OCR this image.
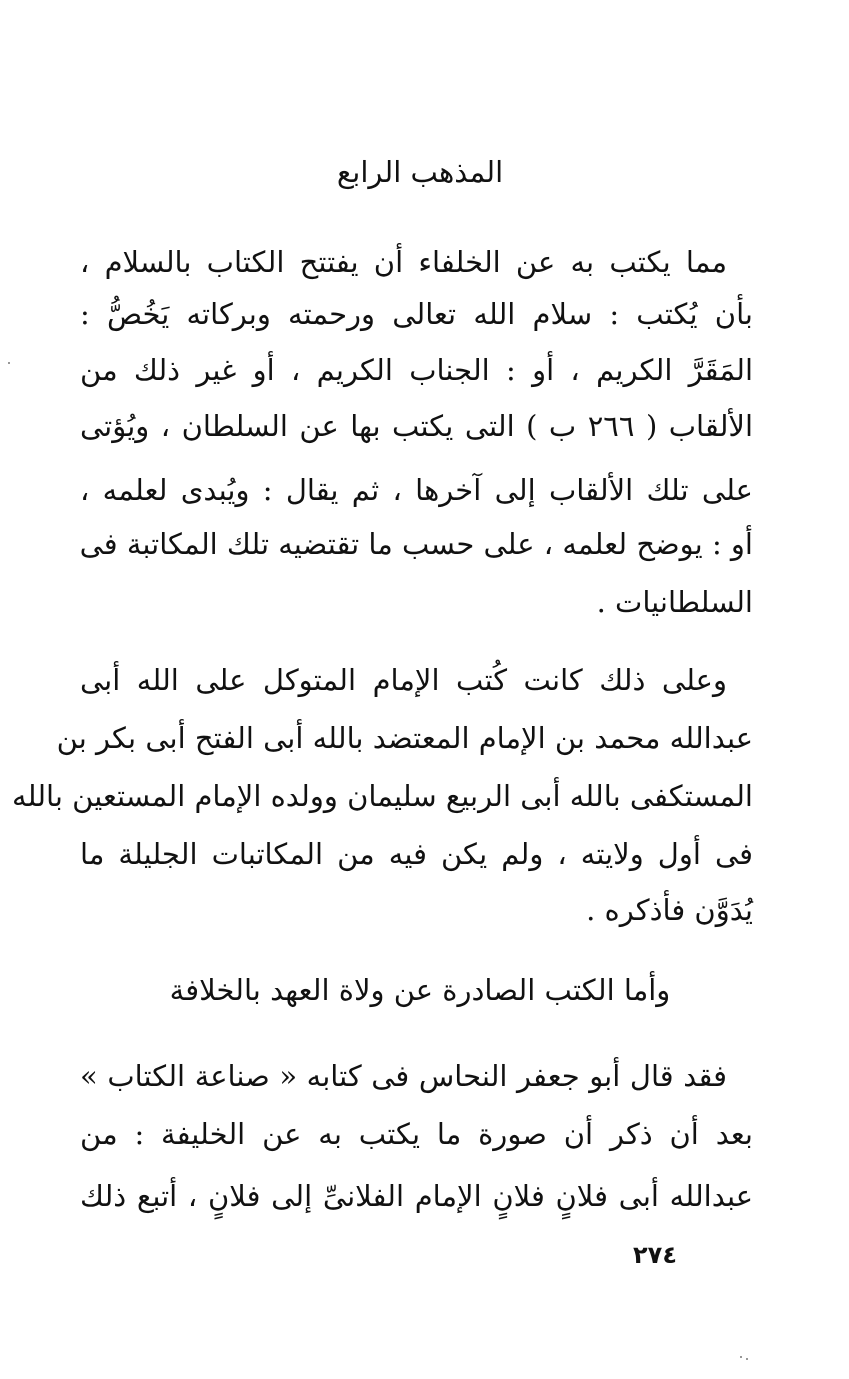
المذهب الرابع
مما يكتب به عن الخلفاء أن يفتتح الكتاب بالسلام ،
بأن يُكتب : سلام الله تعالى ورحمته وبركاته يَخُصُّ :
المَقَرَّ الكريم ، أو : الجناب الكريم ، أو غير ذلك من
الألقاب ( ٢٦٦ ب ) التى يكتب بها عن السلطان ، ويُؤتى
على تلك الألقاب إلى آخرها ، ثم يقال : ويُبدى لعلمه ،
أو : يوضح لعلمه ، على حسب ما تقتضيه تلك المكاتبة فى
السلطانيات .
وعلى ذلك كانت كُتب الإمام المتوكل على الله أبى
عبدالله محمد بن الإمام المعتضد بالله أبى الفتح أبى بكر بن
المستكفى بالله أبى الربيع سليمان وولده الإمام المستعين بالله
فى أول ولايته ، ولم يكن فيه من المكاتبات الجليلة ما
يُدَوَّن فأذكره .
وأما الكتب الصادرة عن ولاة العهد بالخلافة
فقد قال أبو جعفر النحاس فى كتابه « صناعة الكتاب »
بعد أن ذكر أن صورة ما يكتب به عن الخليفة : من
عبدالله أبى فلانٍ فلانٍ الإمام الفلانىِّ إلى فلانٍ ، أتبع ذلك
٢٧٤
